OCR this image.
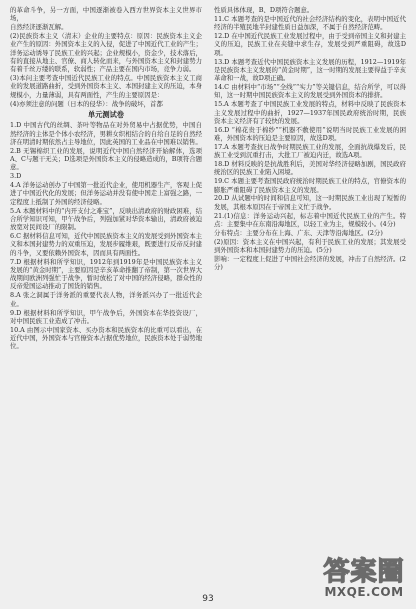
的革命斗争，另一方面，中国逐渐被卷入西方世界资本主义世界市场，

自然经济逐渐瓦解。

(2)民族资本主义（清末）企业的主要特点：原因：民族资本主义企业产生的原因：外国资本主义的入侵，促进了中国近代工业的产生；洋务运动诱导了民族工业的兴起；企业规模小，资金少，技术落后，有的直接从地主、官僚、商人转化而来，与外国资本主义和封建势力有着千丝万缕的联系，软弱性；产品主要在国内市场，竞争力弱。

(3)本问主要考查中国近代民族工业的特点。中国民族资本主义工商业的发展道路曲折，受到外国资本主义、本国封建主义的压迫，本身规模小，力量薄弱，具有两面性，产生的主要原因是：

(4)亦须注意的问题（日本的侵华）：战争的破坏，首都

单元测试卷

1.D 中国古代的丝绸、茶叶等物品在对外贸易中占据优势，中国自然经济的主体是个体小农经济，男耕女织相结合的自给自足的自然经济在明清时期依然占主导地位，因此英国的工业品在中国难以销售。

2.B 无锡棉织工业的发展，说明近代中国自然经济开始解体，选项A、C与题干无关；D选项是外国资本主义的侵略造成的，B项符合题意。

3.D

4.A 洋务运动创办了中国第一批近代企业，使用机器生产，客观上促进了中国近代化的发展；但洋务运动并没有使中国走上富强之路，一定程度上抵制了外国的经济侵略。

5.A 本题材料中的“内开支付之难宝”，反映出清政府的财政困难，结合所学知识可知，甲午战争后，列强加紧对华资本输出，清政府被迫放宽对民间设厂的限制。

6.C 据材料信息可知，近代中国民族资本主义的发展受到外国资本主义和本国封建势力的双重压迫，发展步履维艰，既要进行反帝反封建的斗争，又要依赖外国资本，因而具有两面性。

7.D 根据材料和所学知识，1912年到1919年是中国民族资本主义发展的“黄金时期”，主要原因是辛亥革命推翻了帝制，第一次世界大战期间欧洲列强忙于战争，暂时放松了对中国的经济侵略，群众性的反帝爱国运动推动了国货的销售。

8.A 张之洞属于洋务派的重要代表人物，洋务派兴办了一批近代企业。

9.D 根据材料和所学知识，甲午战争后，外国资本在华投资设厂，对中国民族工业造成了冲击。

10.A 由图示中国家资本、买办资本和民族资本的比重可以看出，在近代中国，外国资本与官僚资本占据优势地位，民族资本处于弱势地位。

性质具体体现，B、D项符合题意。

11.C 本题考查的是中国近代的社会经济结构的变化，表明中国近代经济的半殖民地半封建性质日益加深，不属于自然经济范畴。

12.D 在中国近代民族工业发展过程中，由于受到帝国主义和封建主义的压迫，民族工业在夹缝中求生存，发展受到严重阻碍，故选D项。

13.D 本题考查近代中国民族资本主义发展的历程，1912—1919年是民族资本主义发展的“黄金时期”，这一时期的发展主要得益于辛亥革命和一战，故D项正确。

14.C 由材料中“市场”“全线”“实力”等关键信息，结合所学，可以得知，这一时期中国民族资本主义的发展受到外国资本的排挤。

15.A 本题考查了中国民族工业发展的特点，材料中反映了民族资本主义发展过程中的曲折，1927—1937年国民政府统治时期，民族资本主义经济有了较快的发展。

16.D “棉花贵于棉纱”“机器不敷使用”说明当时民族工业发展的困难，外国资本的压迫是主要原因，故选D项。

17.A 本题考查抗日战争时期民族工业的发展，全面抗战爆发后，民族工业受到沉重打击，大批工厂被迫内迁，故选A项。

18.D 材料反映的是抗战胜利后，美国对华经济侵略加剧，国民政府统治区的民族工业陷入困境。

19.C 本题主要考查国民政府统治时期民族工业的特点，官僚资本的膨胀严重阻碍了民族资本主义的发展。

20.D 从试题中的时间和信息可知，这一时期民族工业出现了短暂的发展，其根本原因在于帝国主义忙于战争。

21.(1)信息：洋务运动兴起，标志着中国近代民族工业的产生。特点：主要集中在东南沿海地区，以轻工业为主，规模较小。(4分)

分布特点：主要分布在上海、广东、天津等沿海地区。(2分)

(2)原因：资本主义在中国兴起，有利于民族工业的发展；其发展受到外国资本和本国封建势力的压迫。(5分)

影响：一定程度上促进了中国社会经济的发展，冲击了自然经济。(2分)

93
答案圈
MXQE.COM
